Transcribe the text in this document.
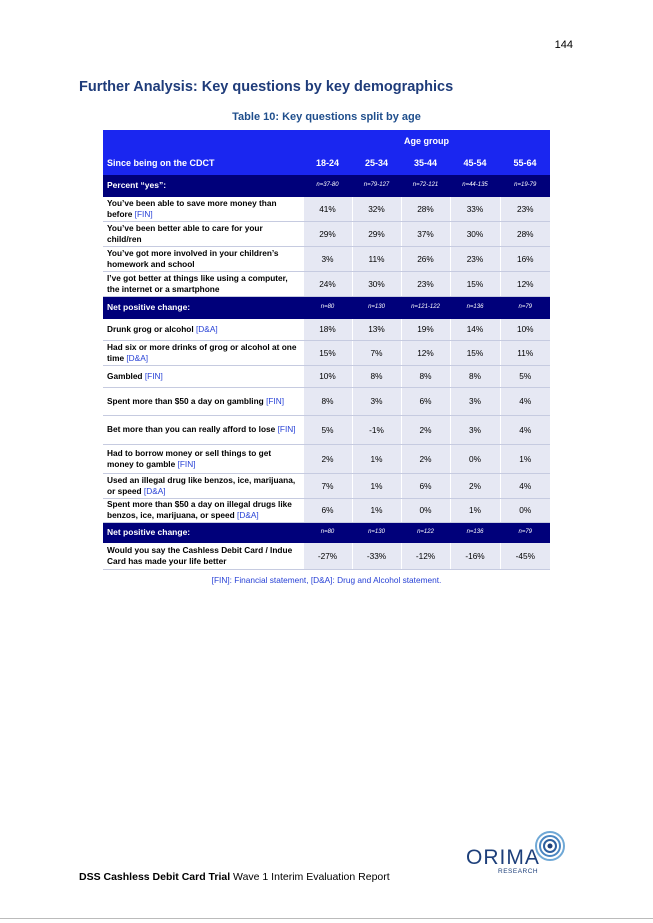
144
Further Analysis: Key questions by key demographics
Table 10: Key questions split by age
	Age group				
Since being on the CDCT	18-24	25-34	35-44	45-54	55-64
Percent “yes”:	n=37-80	n=79-127	n=72-121	n=44-135	n=19-79
You’ve been able to save more money than before [FIN]	41%	32%	28%	33%	23%
You’ve been better able to care for your child/ren	29%	29%	37%	30%	28%
You’ve got more involved in your children’s homework and school	3%	11%	26%	23%	16%
I’ve got better at things like using a computer, the internet or a smartphone	24%	30%	23%	15%	12%
Net positive change:	n=80	n=130	n=121-122	n=136	n=79
Drunk grog or alcohol [D&A]	18%	13%	19%	14%	10%
Had six or more drinks of grog or alcohol at one time [D&A]	15%	7%	12%	15%	11%
Gambled [FIN]	10%	8%	8%	8%	5%
Spent more than $50 a day on gambling [FIN]	8%	3%	6%	3%	4%
Bet more than you can really afford to lose [FIN]	5%	-1%	2%	3%	4%
Had to borrow money or sell things to get money to gamble [FIN]	2%	1%	2%	0%	1%
Used an illegal drug like benzos, ice, marijuana, or speed [D&A]	7%	1%	6%	2%	4%
Spent more than $50 a day on illegal drugs like benzos, ice, marijuana, or speed [D&A]	6%	1%	0%	1%	0%
Net positive change:	n=80	n=130	n=122	n=136	n=79
Would you say the Cashless Debit Card / Indue Card has made your life better	-27%	-33%	-12%	-16%	-45%
[FIN]: Financial statement, [D&A]: Drug and Alcohol statement.
DSS Cashless Debit Card Trial Wave 1 Interim Evaluation Report
ORIMA
RESEARCH
